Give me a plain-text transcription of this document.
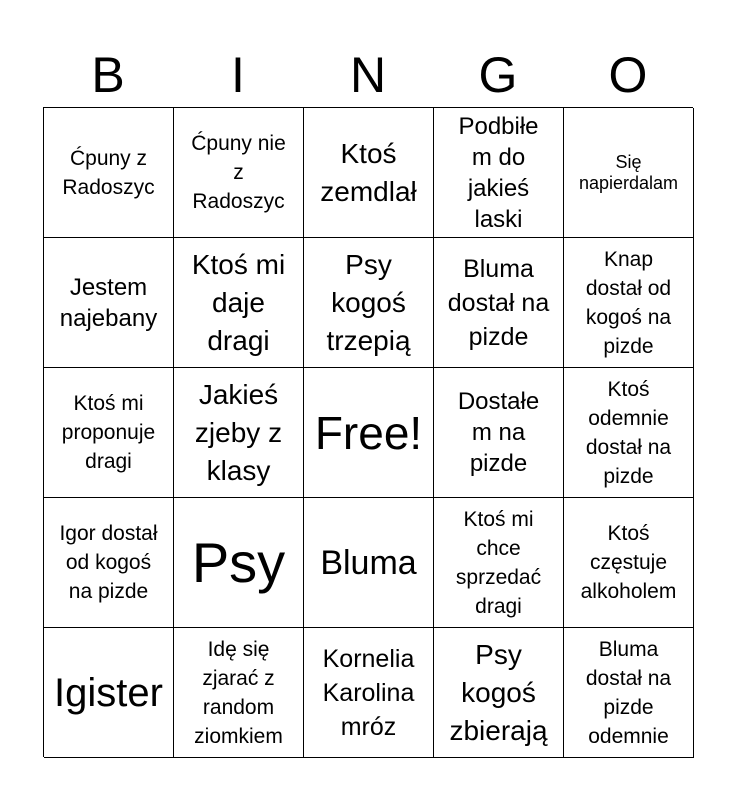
B	I	N	G	O
Ćpuny z Radoszyc
Ćpuny nie z Radoszyc
Ktoś zemdlał
Podbiłem do jakieś laski
Się napierdalam
Jestem najebany
Ktoś mi daje dragi
Psy kogoś trzepią
Bluma dostał na pizde
Knap dostał od kogoś na pizde
Ktoś mi proponuje dragi
Jakieś zjeby z klasy
Free!
Dostałem na pizde
Ktoś odemnie dostał na pizde
Igor dostał od kogoś na pizde Psy Bluma
Ktoś mi chce sprzedać dragi
Ktoś częstuje alkoholem
Igister
Idę się zjarać z random ziomkiem
Kornelia Karolina mróz
Psy kogoś zbierają
Bluma dostał na pizde odemnie
